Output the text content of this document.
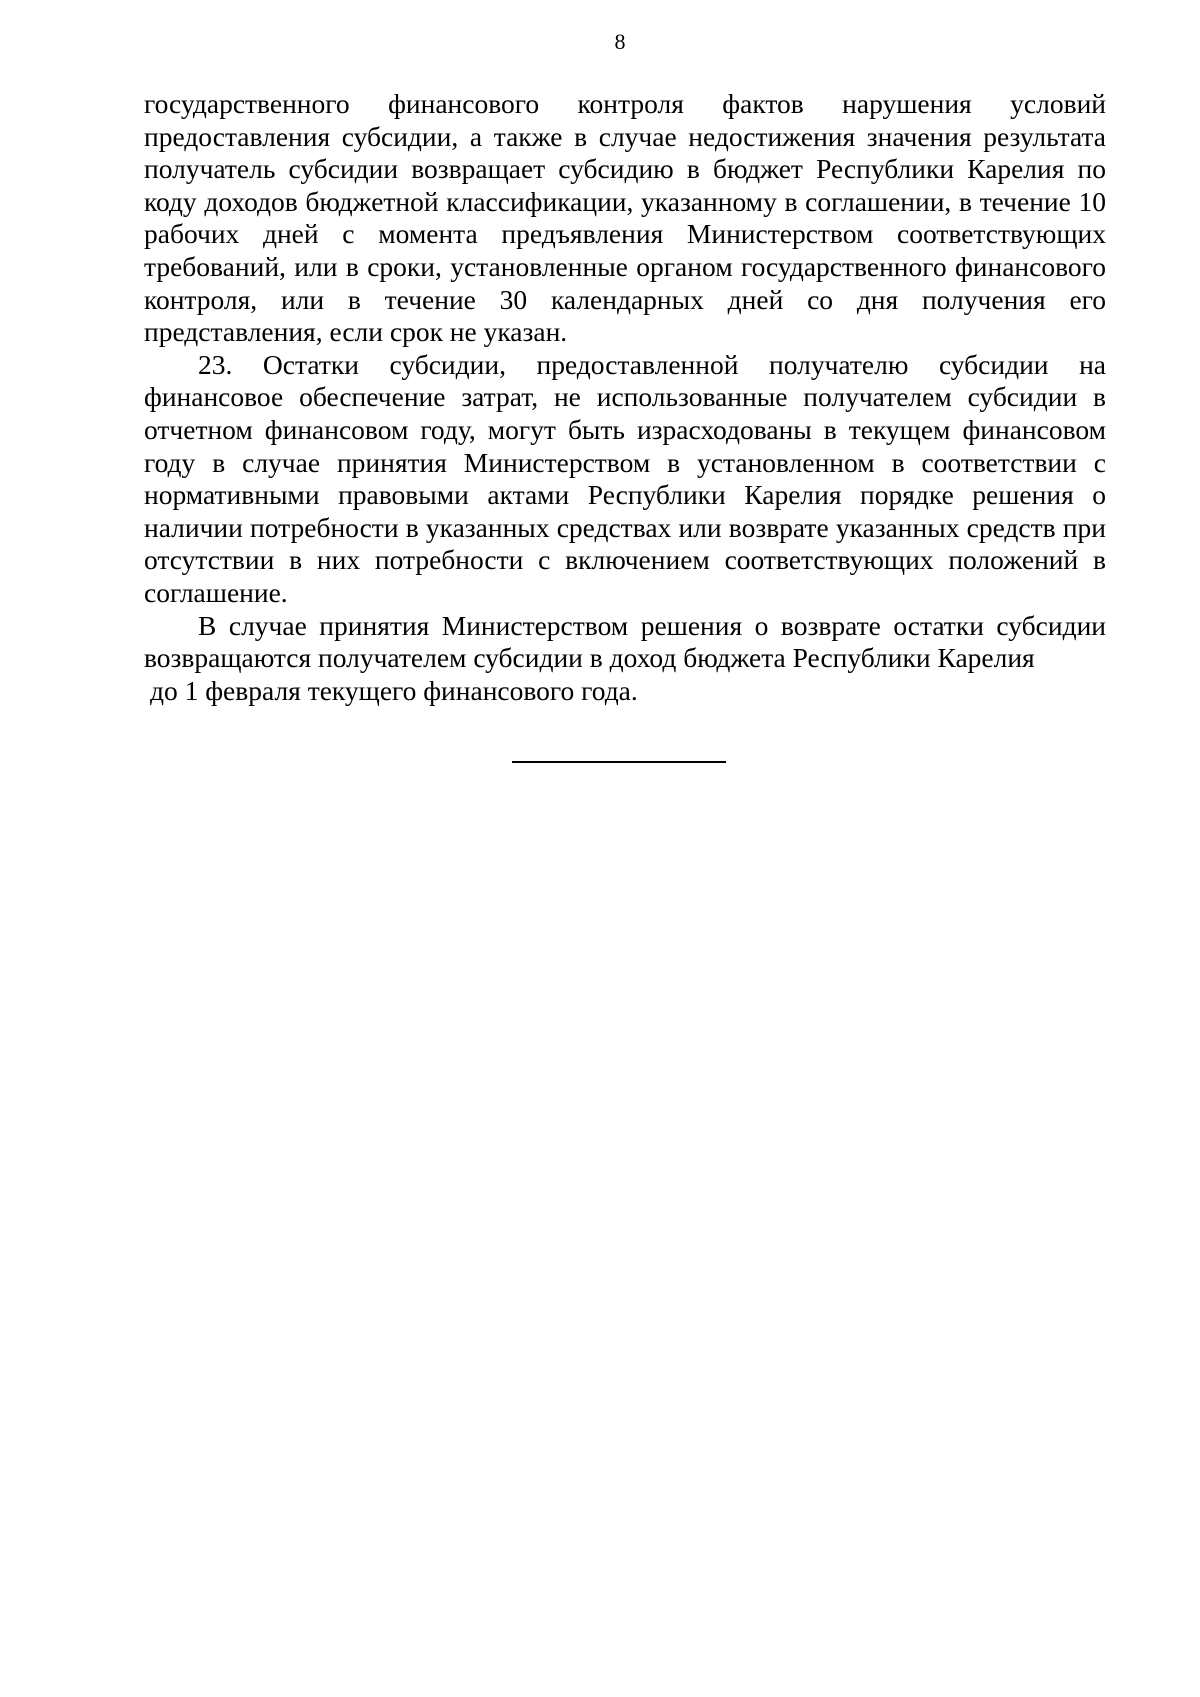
8

государственного финансового контроля фактов нарушения условий предоставления субсидии, а также в случае недостижения значения результата получатель субсидии возвращает субсидию в бюджет Республики Карелия по коду доходов бюджетной классификации, указанному в соглашении, в течение 10 рабочих дней с момента предъявления Министерством соответствующих требований, или в сроки, установленные органом государственного финансового контроля, или в течение 30 календарных дней со дня получения его представления, если срок не указан.

23. Остатки субсидии, предоставленной получателю субсидии на финансовое обеспечение затрат, не использованные получателем субсидии в отчетном финансовом году, могут быть израсходованы в текущем финансовом году в случае принятия Министерством в установленном в соответствии с нормативными правовыми актами Республики Карелия порядке решения о наличии потребности в указанных средствах или возврате указанных средств при отсутствии в них потребности с включением соответствующих положений в соглашение.

В случае принятия Министерством решения о возврате остатки субсидии возвращаются получателем субсидии в доход бюджета Республики Карелия

до 1 февраля текущего финансового года.
